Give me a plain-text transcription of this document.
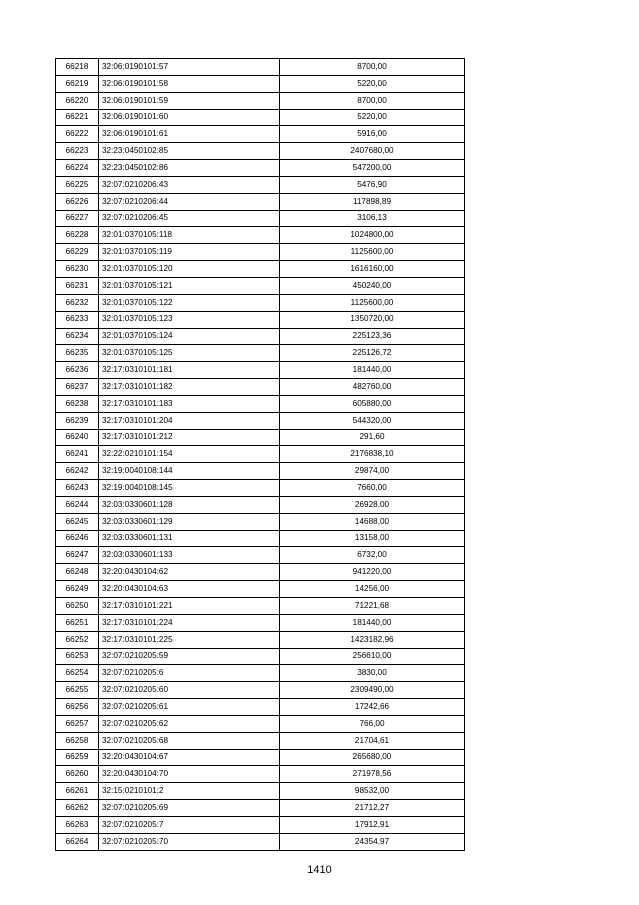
66218	32:06:0190101:57	8700,00
66219	32:06:0190101:58	5220,00
66220	32:06:0190101:59	8700,00
66221	32:06:0190101:60	5220,00
66222	32:06:0190101:61	5916,00
66223	32:23:0450102:85	2407680,00
66224	32:23:0450102:86	547200,00
66225	32:07:0210206:43	5476,90
66226	32:07:0210206:44	117898,89
66227	32:07:0210206:45	3106,13
66228	32:01:0370105:118	1024800,00
66229	32:01:0370105:119	1125600,00
66230	32:01:0370105:120	1616160,00
66231	32:01:0370105:121	450240,00
66232	32:01:0370105:122	1125600,00
66233	32:01:0370105:123	1350720,00
66234	32:01:0370105:124	225123,36
66235	32:01:0370105:125	225126,72
66236	32:17:0310101:181	181440,00
66237	32:17:0310101:182	482760,00
66238	32:17:0310101:183	605880,00
66239	32:17:0310101:204	544320,00
66240	32:17:0310101:212	291,60
66241	32:22:0210101:154	2176838,10
66242	32:19:0040108:144	29874,00
66243	32:19:0040108:145	7660,00
66244	32:03:0330601:128	26928,00
66245	32:03:0330601:129	14688,00
66246	32:03:0330601:131	13158,00
66247	32:03:0330601:133	6732,00
66248	32:20:0430104:62	941220,00
66249	32:20:0430104:63	14256,00
66250	32:17:0310101:221	71221,68
66251	32:17:0310101:224	181440,00
66252	32:17:0310101:225	1423182,96
66253	32:07:0210205:59	256610,00
66254	32:07:0210205:6	3830,00
66255	32:07:0210205:60	2309490,00
66256	32:07:0210205:61	17242,66
66257	32:07:0210205:62	766,00
66258	32:07:0210205:68	21704,61
66259	32:20:0430104:67	265680,00
66260	32:20:0430104:70	271978,56
66261	32:15:0210101:2	98532,00
66262	32:07:0210205:69	21712,27
66263	32:07:0210205:7	17912,91
66264	32:07:0210205:70	24354,97
1410
